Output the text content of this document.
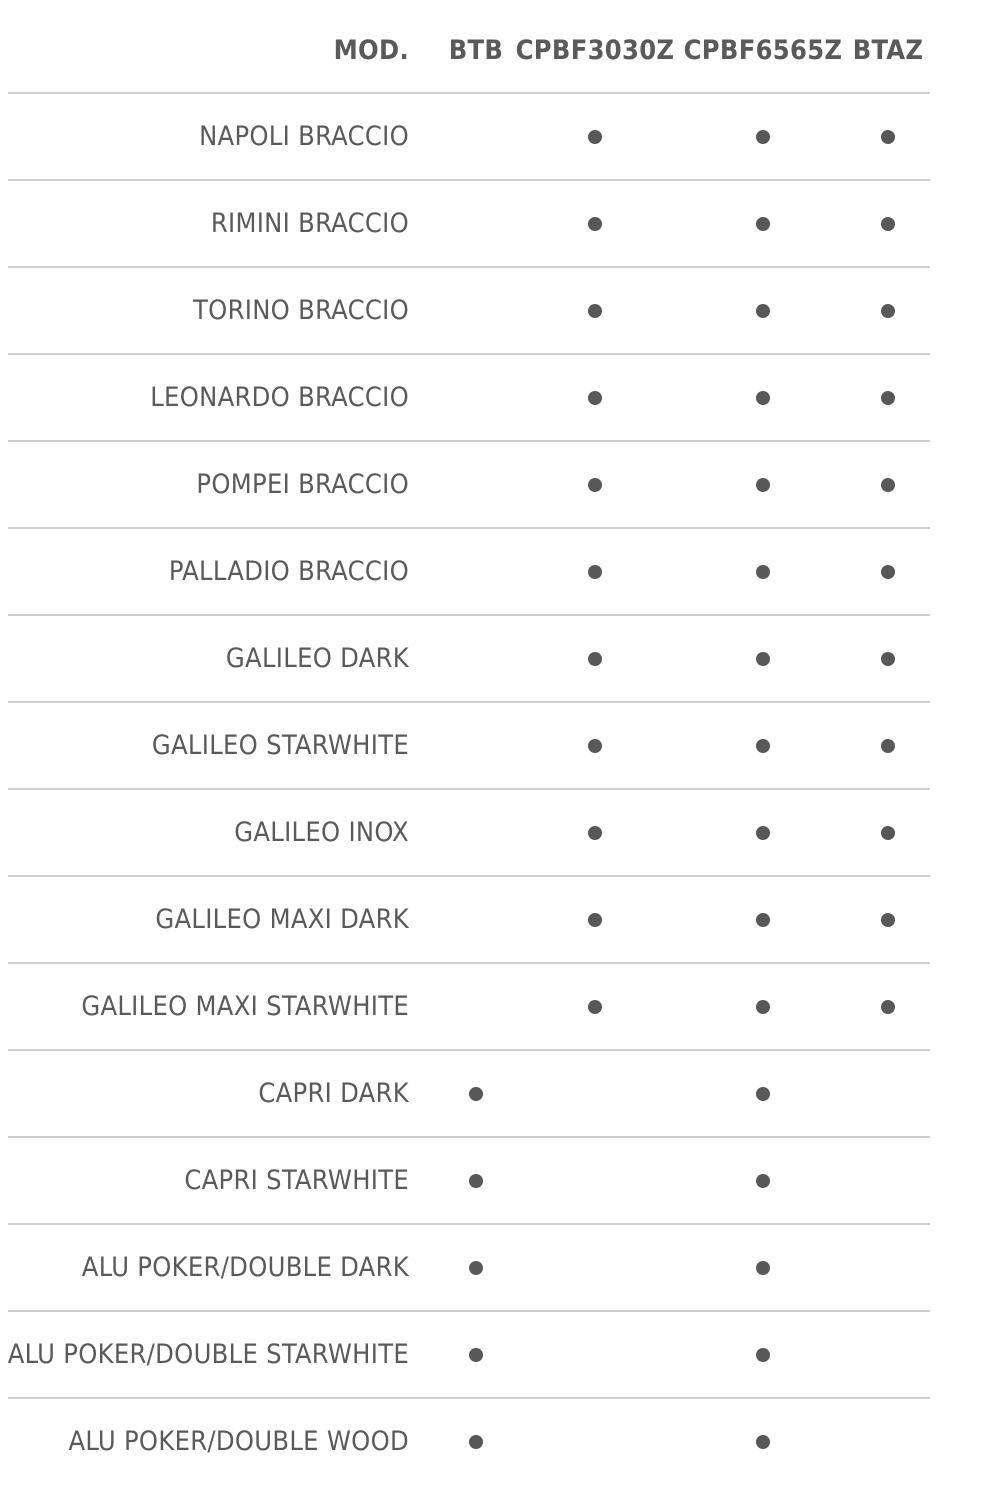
MOD.	BTB CPBF3030Z CPBF6565Z BTAZ
NAPOLI BRACCIO
RIMINI BRACCIO
TORINO BRACCIO
LEONARDO BRACCIO
POMPEI BRACCIO
PALLADIO BRACCIO
GALILEO DARK
GALILEO STARWHITE
GALILEO INOX
GALILEO MAXI DARK
GALILEO MAXI STARWHITE
CAPRI DARK
CAPRI STARWHITE
ALU POKER/DOUBLE DARK
ALU POKER/DOUBLE STARWHITE
ALU POKER/DOUBLE WOOD
